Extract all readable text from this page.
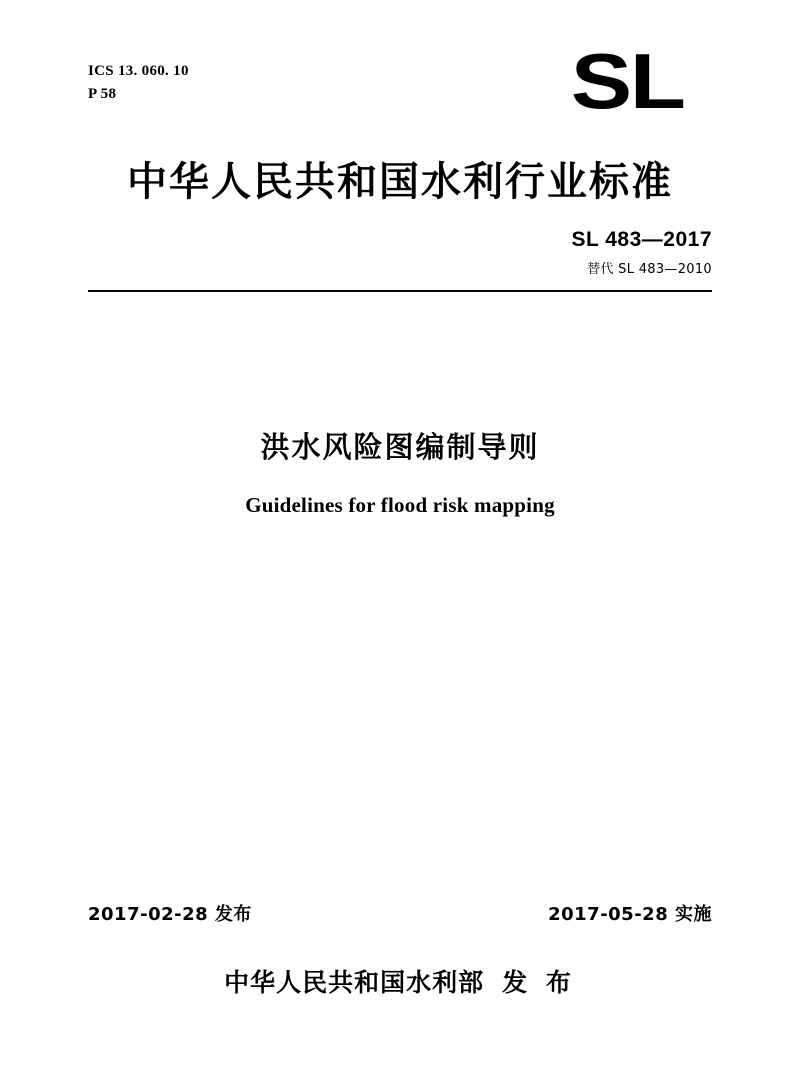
ICS 13. 060. 10
P 58	SL
中华人民共和国水利行业标准
SL 483—2017
替代 SL 483—2010
洪水风险图编制导则
Guidelines for flood risk mapping
2017-02-28 发布	2017-05-28 实施
中华人民共和国水利部 发 布
